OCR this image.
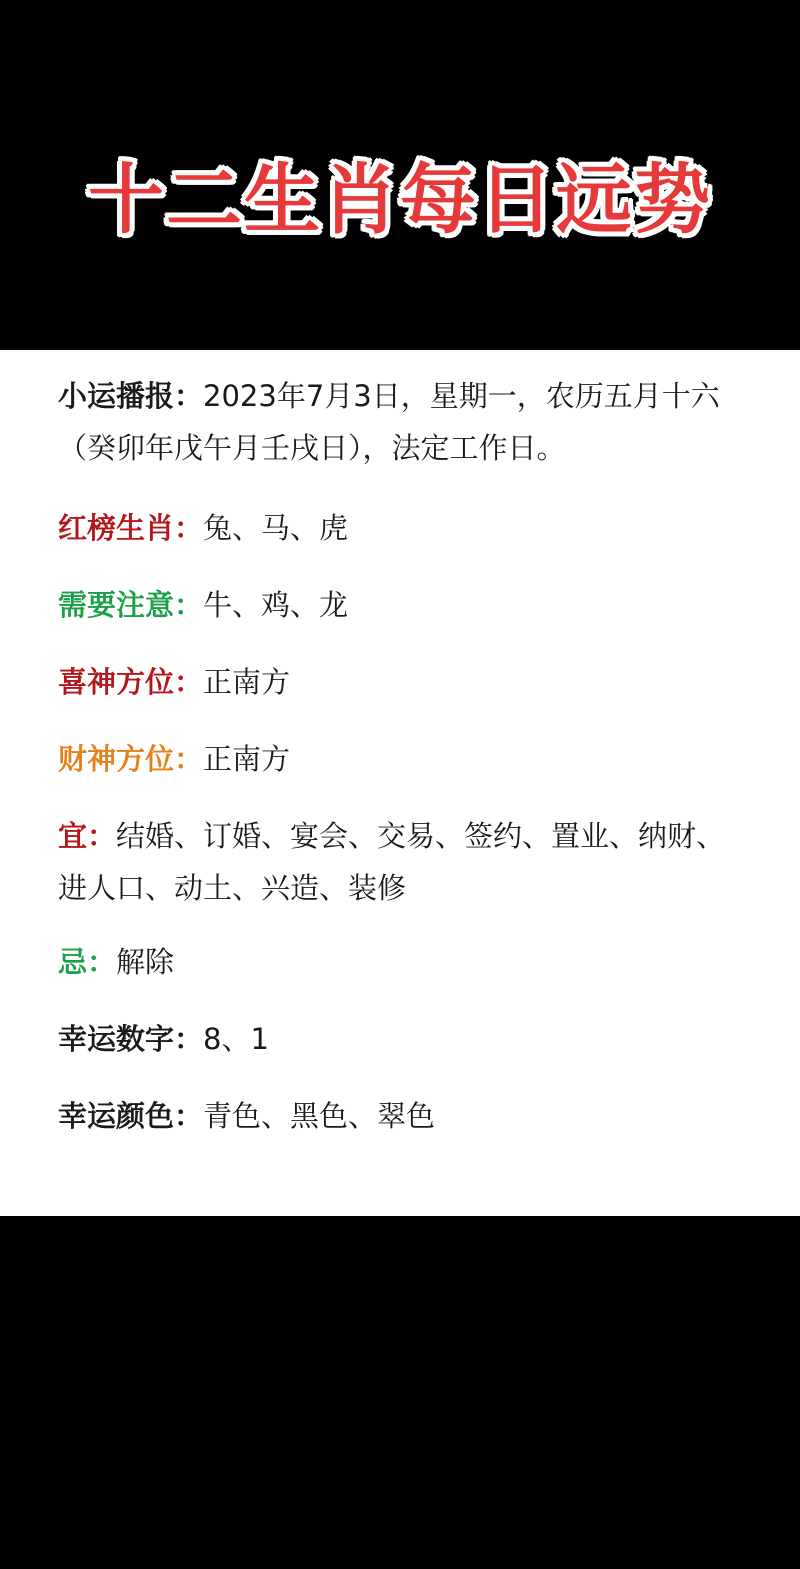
十二生肖每日远势
小运播报：2023年7月3日，星期一，农历五月十六 （癸卯年戊午月壬戌日），法定工作日。
红榜生肖：兔、马、虎
需要注意：牛、鸡、龙
喜神方位：正南方
财神方位：正南方
宜：结婚、订婚、宴会、交易、签约、置业、纳财、进人口、动土、兴造、装修
忌：解除
幸运数字：8、1
幸运颜色：青色、黑色、翠色
